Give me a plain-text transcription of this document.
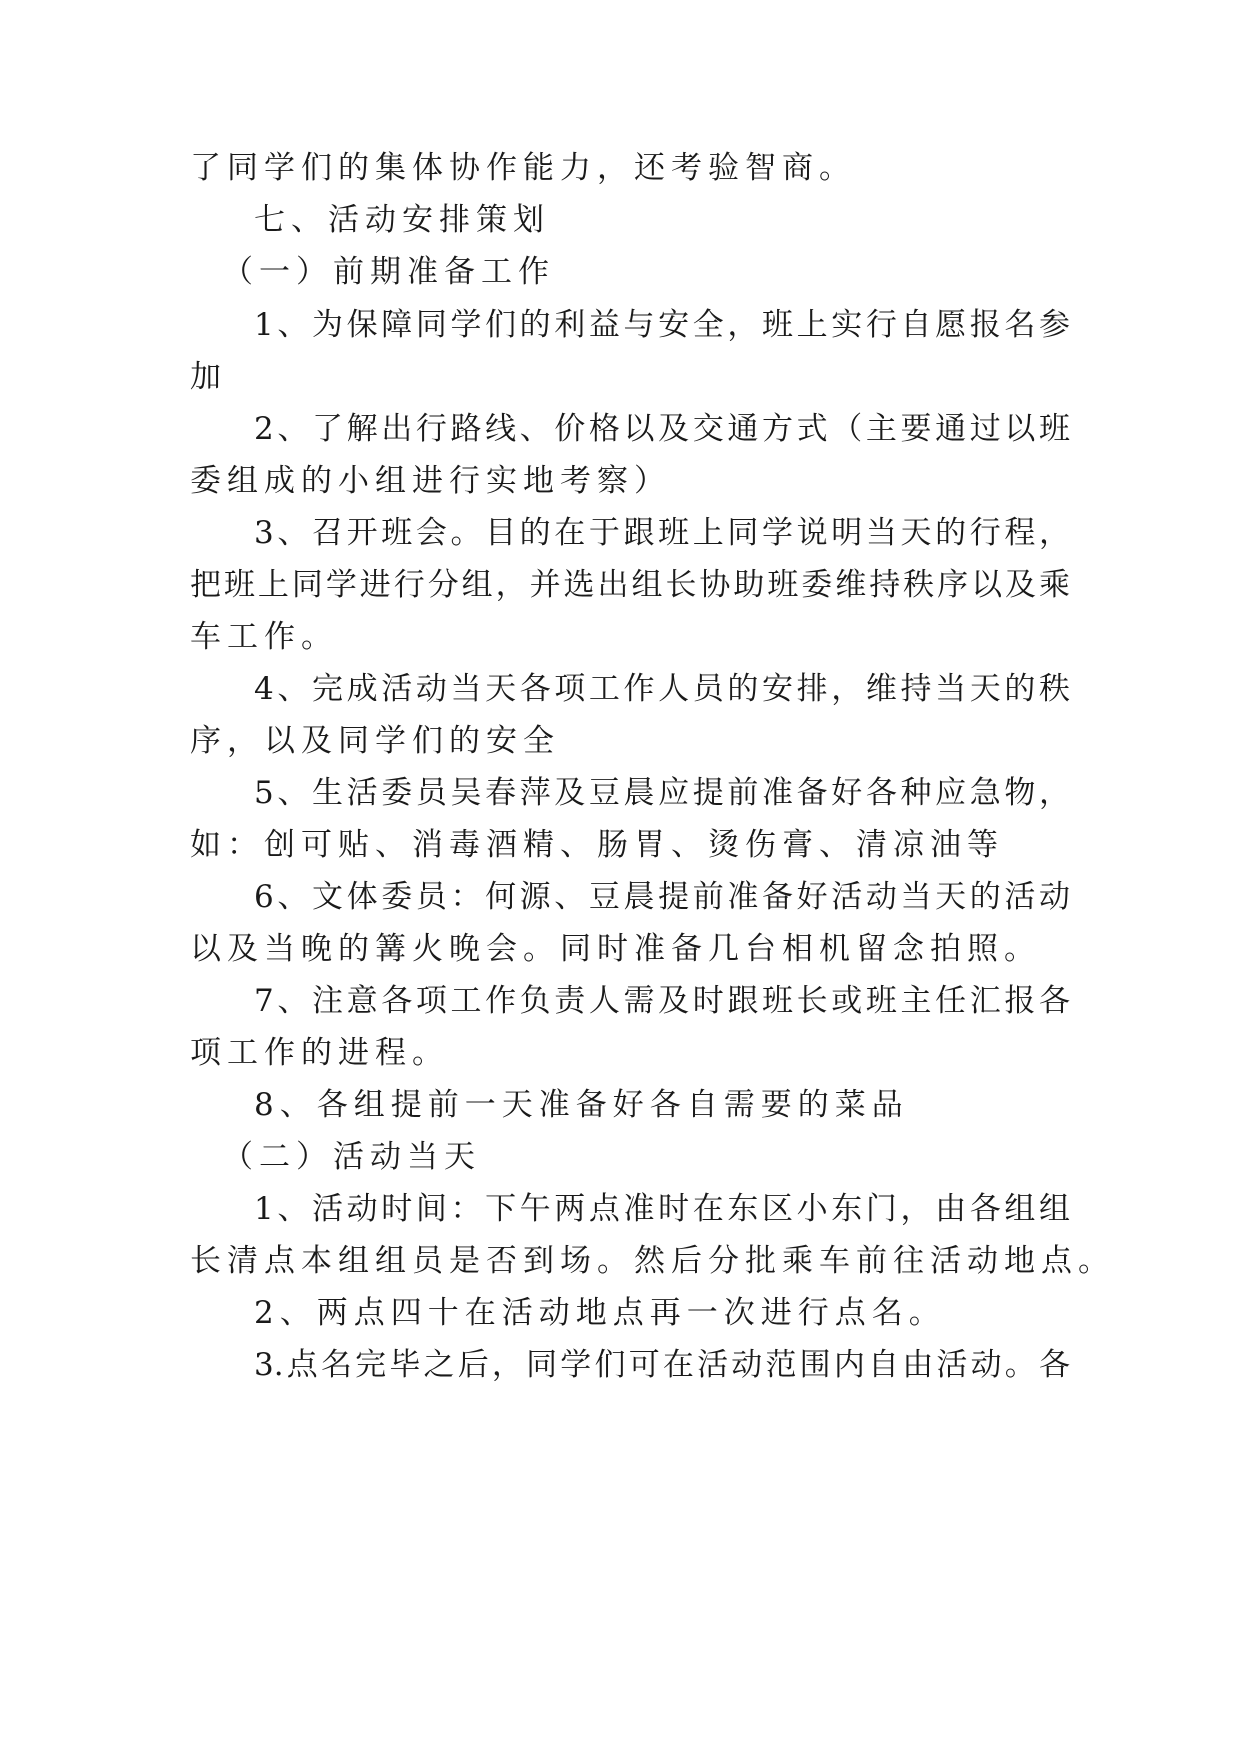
了同学们的集体协作能力，还考验智商。
七、活动安排策划
（一）前期准备工作
1、为保障同学们的利益与安全，班上实行自愿报名参
加
2、了解出行路线、价格以及交通方式（主要通过以班
委组成的小组进行实地考察）
3、召开班会。目的在于跟班上同学说明当天的行程，
把班上同学进行分组，并选出组长协助班委维持秩序以及乘
车工作。
4、完成活动当天各项工作人员的安排，维持当天的秩
序，以及同学们的安全
5、生活委员吴春萍及豆晨应提前准备好各种应急物，
如：创可贴、消毒酒精、肠胃、烫伤膏、清凉油等
6、文体委员：何源、豆晨提前准备好活动当天的活动
以及当晚的篝火晚会。同时准备几台相机留念拍照。
7、注意各项工作负责人需及时跟班长或班主任汇报各
项工作的进程。
8、各组提前一天准备好各自需要的菜品
（二）活动当天
1、活动时间：下午两点准时在东区小东门，由各组组
长清点本组组员是否到场。然后分批乘车前往活动地点。
2、两点四十在活动地点再一次进行点名。
3.点名完毕之后，同学们可在活动范围内自由活动。各
